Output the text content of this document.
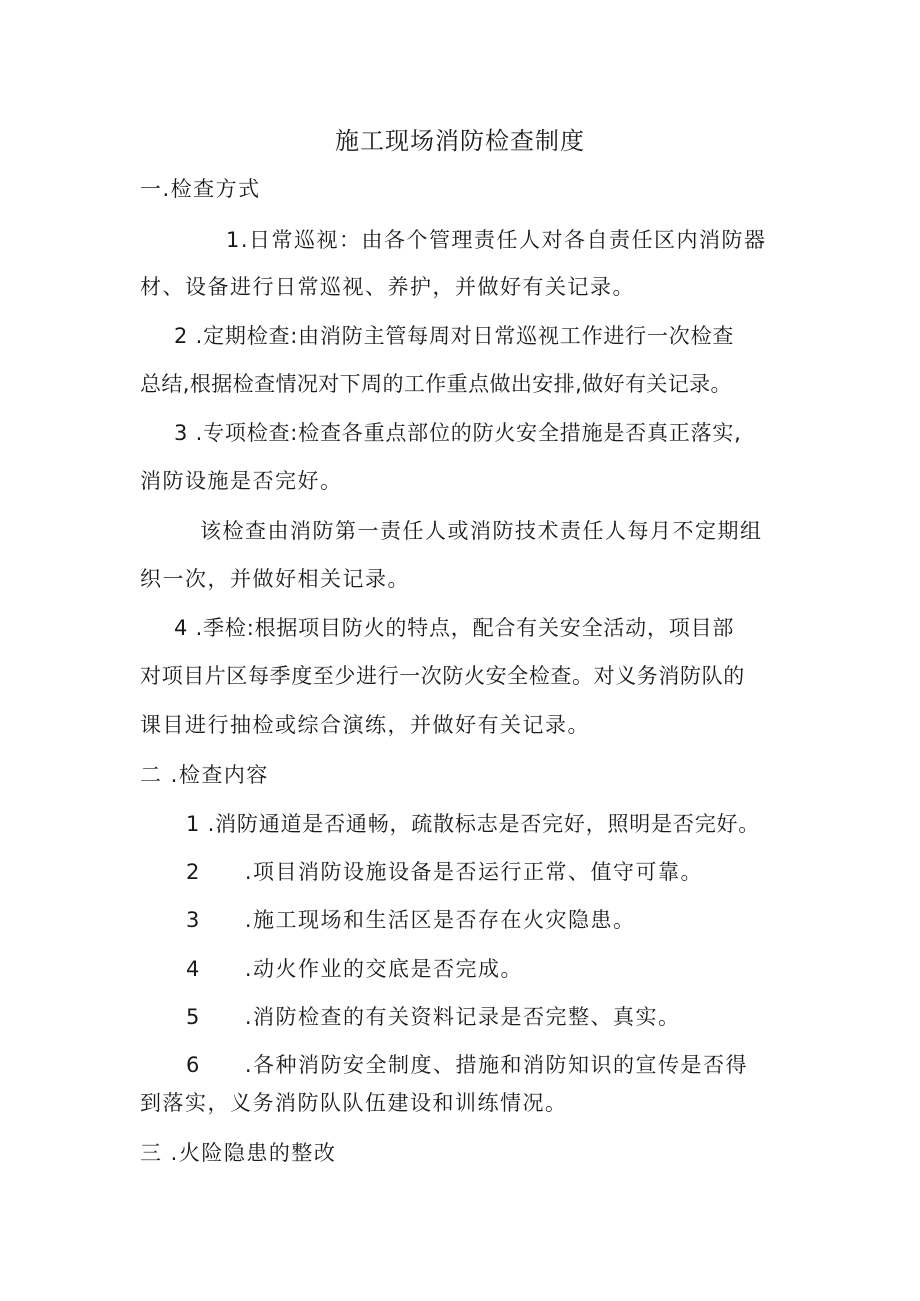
施工现场消防检查制度
一.检查方式
1.日常巡视：由各个管理责任人对各自责任区内消防器
材、设备进行日常巡视、养护，并做好有关记录。
2 .定期检查:由消防主管每周对日常巡视工作进行一次检查
总结,根据检查情况对下周的工作重点做出安排,做好有关记录。
3 .专项检查:检查各重点部位的防火安全措施是否真正落实,
消防设施是否完好。
该检查由消防第一责任人或消防技术责任人每月不定期组
织一次，并做好相关记录。
4 .季检:根据项目防火的特点，配合有关安全活动，项目部
对项目片区每季度至少进行一次防火安全检查。对义务消防队的
课目进行抽检或综合演练，并做好有关记录。
二 .检查内容
1 .消防通道是否通畅，疏散标志是否完好，照明是否完好。
2 .项目消防设施设备是否运行正常、值守可靠。
3 .施工现场和生活区是否存在火灾隐患。
4 .动火作业的交底是否完成。
5 .消防检查的有关资料记录是否完整、真实。
6 .各种消防安全制度、措施和消防知识的宣传是否得
到落实，义务消防队队伍建设和训练情况。
三 .火险隐患的整改
